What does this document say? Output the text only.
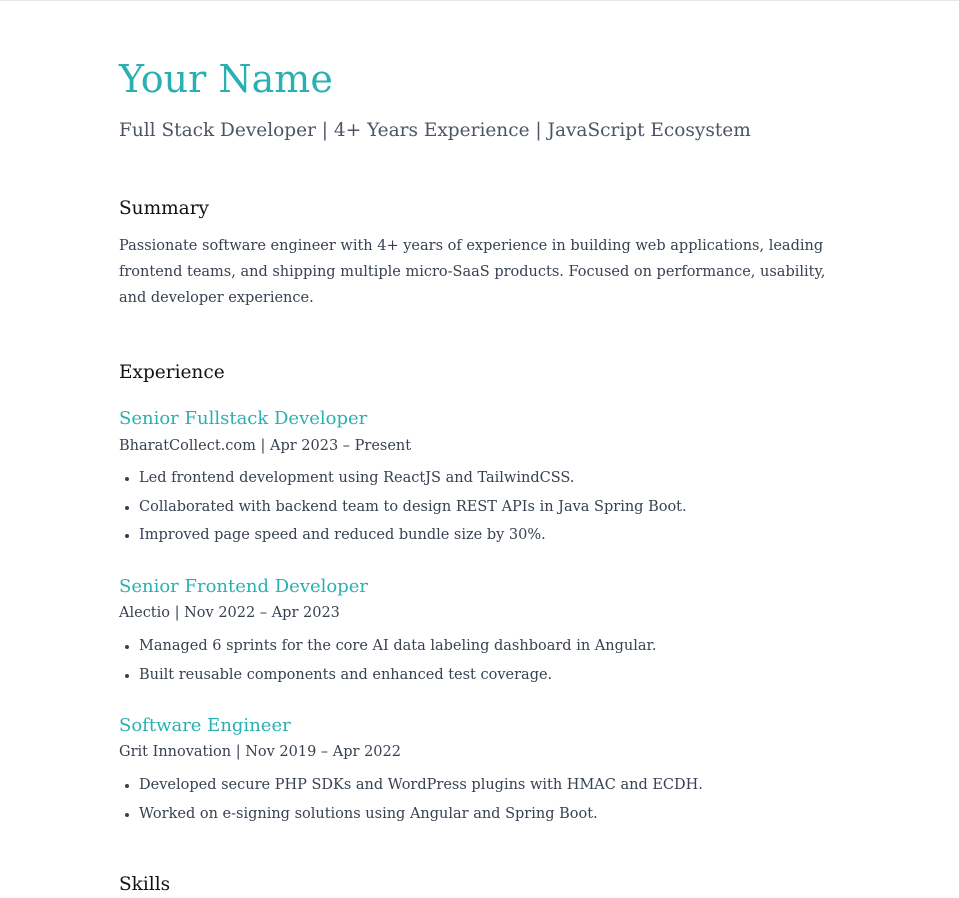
Your Name

Full Stack Developer | 4+ Years Experience | JavaScript Ecosystem

Summary

Passionate software engineer with 4+ years of experience in building web applications, leading frontend teams, and shipping multiple micro-SaaS products. Focused on performance, usability, and developer experience.

Experience
Senior Fullstack Developer

BharatCollect.com | Apr 2023 – Present

Led frontend development using ReactJS and TailwindCSS.
Collaborated with backend team to design REST APIs in Java Spring Boot.
Improved page speed and reduced bundle size by 30%.
Senior Frontend Developer

Alectio | Nov 2022 – Apr 2023

Managed 6 sprints for the core AI data labeling dashboard in Angular.
Built reusable components and enhanced test coverage.
Software Engineer

Grit Innovation | Nov 2019 – Apr 2022

Developed secure PHP SDKs and WordPress plugins with HMAC and ECDH.
Worked on e-signing solutions using Angular and Spring Boot.
Skills
